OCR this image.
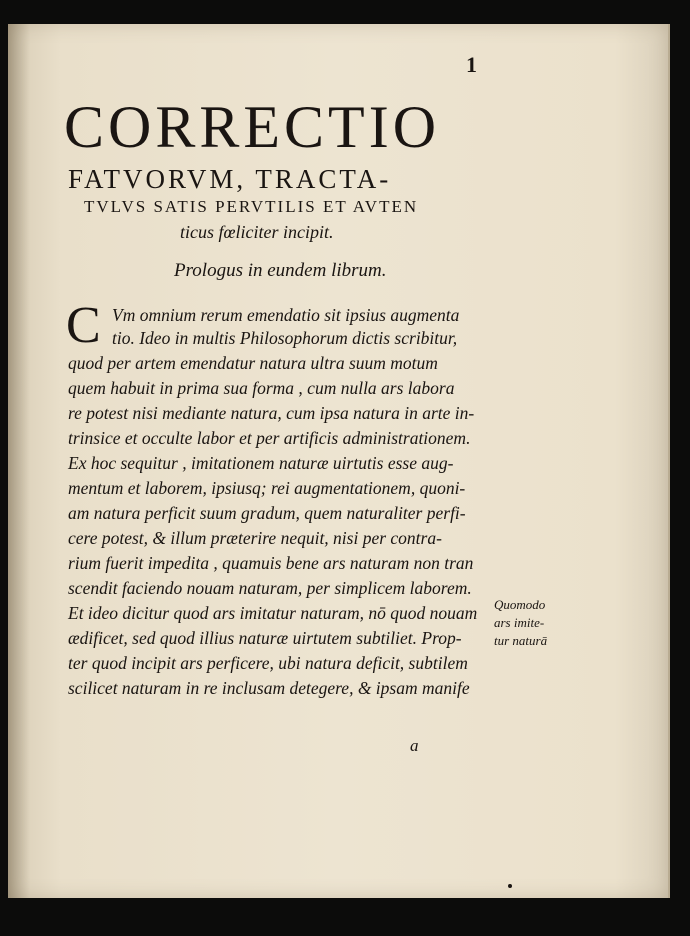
1
CORRECTIO
FATVORVM, TRACTA-
TVLVS SATIS PERVTILIS ET AVTEN
ticus fœliciter incipit.
Prologus in eundem librum.
C Vm omnium rerum emendatio sit ipsius augmenta
tio. Ideo in multis Philosophorum dictis scribitur,
quod per artem emendatur natura ultra suum motum
quem habuit in prima sua forma , cum nulla ars labora
re potest nisi mediante natura, cum ipsa natura in arte in-
trinsice et occulte labor et per artificis administrationem.
Ex hoc sequitur , imitationem naturæ uirtutis esse aug-
mentum et laborem, ipsiusq; rei augmentationem, quoni-
am natura perficit suum gradum, quem naturaliter perfi-
cere potest, & illum præterire nequit, nisi per contra-
rium fuerit impedita , quamuis bene ars naturam non tran
scendit faciendo nouam naturam, per simplicem laborem.
Et ideo dicitur quod ars imitatur naturam, nō quod nouam
ædificet, sed quod illius naturæ uirtutem subtiliet. Prop-
ter quod incipit ars perficere, ubi natura deficit, subtilem
scilicet naturam in re inclusam detegere, & ipsam manife
Quomodo
ars imite-
tur naturā
a
